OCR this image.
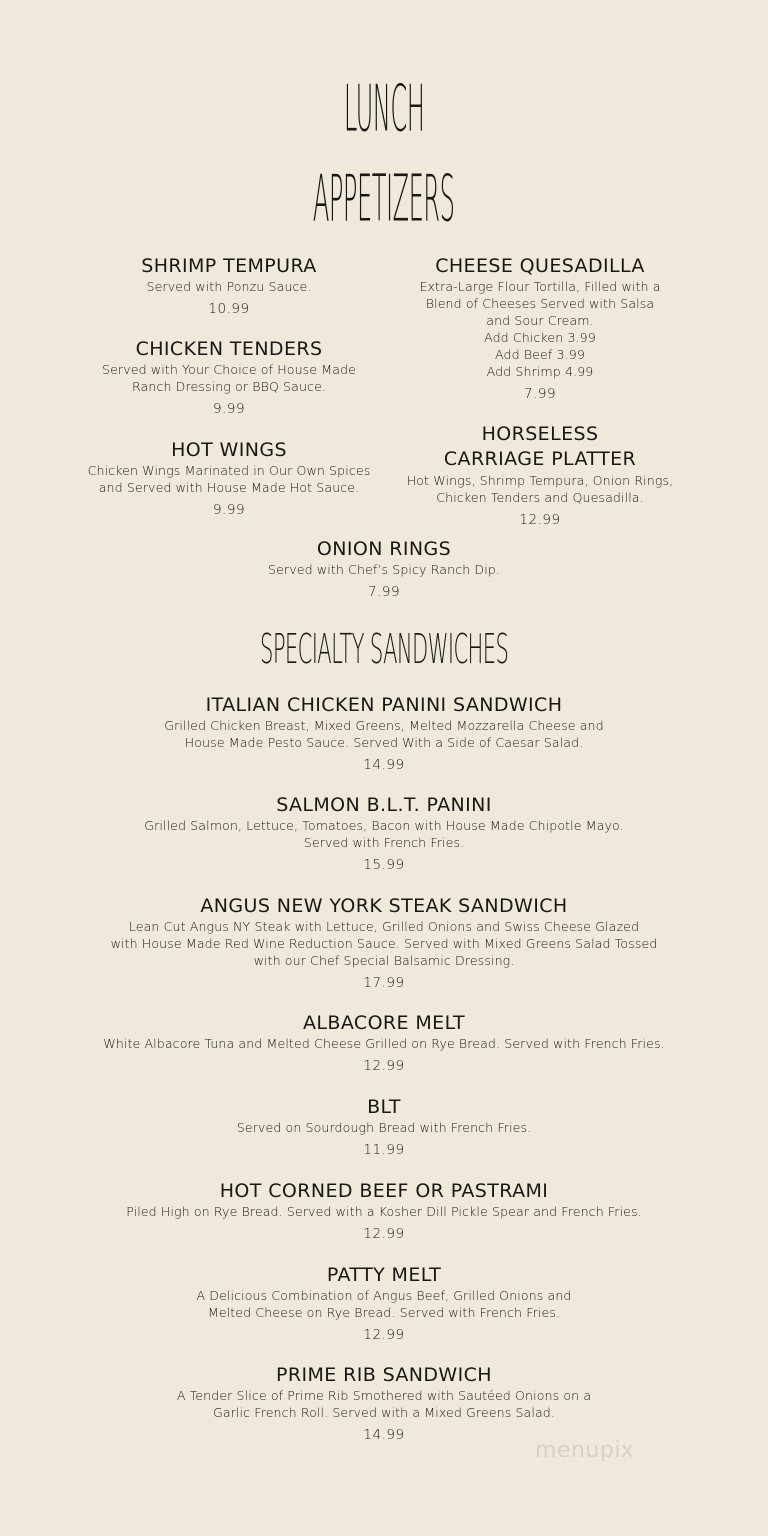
LUNCH
APPETIZERS
SHRIMP TEMPURA
Served with Ponzu Sauce.
10.99
CHICKEN TENDERS
Served with Your Choice of House Made
Ranch Dressing or BBQ Sauce.
9.99
HOT WINGS
Chicken Wings Marinated in Our Own Spices
and Served with House Made Hot Sauce.
9.99
CHEESE QUESADILLA
Extra-Large Flour Tortilla, Filled with a
Blend of Cheeses Served with Salsa
and Sour Cream.
Add Chicken 3.99
Add Beef 3.99
Add Shrimp 4.99
7.99
HORSELESS
CARRIAGE PLATTER
Hot Wings, Shrimp Tempura, Onion Rings,
Chicken Tenders and Quesadilla.
12.99
ONION RINGS
Served with Chef’s Spicy Ranch Dip.
7.99
SPECIALTY SANDWICHES
ITALIAN CHICKEN PANINI SANDWICH
Grilled Chicken Breast, Mixed Greens, Melted Mozzarella Cheese and
House Made Pesto Sauce. Served With a Side of Caesar Salad.
14.99
SALMON B.L.T. PANINI
Grilled Salmon, Lettuce, Tomatoes, Bacon with House Made Chipotle Mayo.
Served with French Fries.
15.99
ANGUS NEW YORK STEAK SANDWICH
Lean Cut Angus NY Steak with Lettuce, Grilled Onions and Swiss Cheese Glazed
with House Made Red Wine Reduction Sauce. Served with Mixed Greens Salad Tossed
with our Chef Special Balsamic Dressing.
17.99
ALBACORE MELT
White Albacore Tuna and Melted Cheese Grilled on Rye Bread. Served with French Fries.
12.99
BLT
Served on Sourdough Bread with French Fries.
11.99
HOT CORNED BEEF OR PASTRAMI
Piled High on Rye Bread. Served with a Kosher Dill Pickle Spear and French Fries.
12.99
PATTY MELT
A Delicious Combination of Angus Beef, Grilled Onions and
Melted Cheese on Rye Bread. Served with French Fries.
12.99
PRIME RIB SANDWICH
A Tender Slice of Prime Rib Smothered with Sautéed Onions on a
Garlic French Roll. Served with a Mixed Greens Salad.
14.99
menupix
